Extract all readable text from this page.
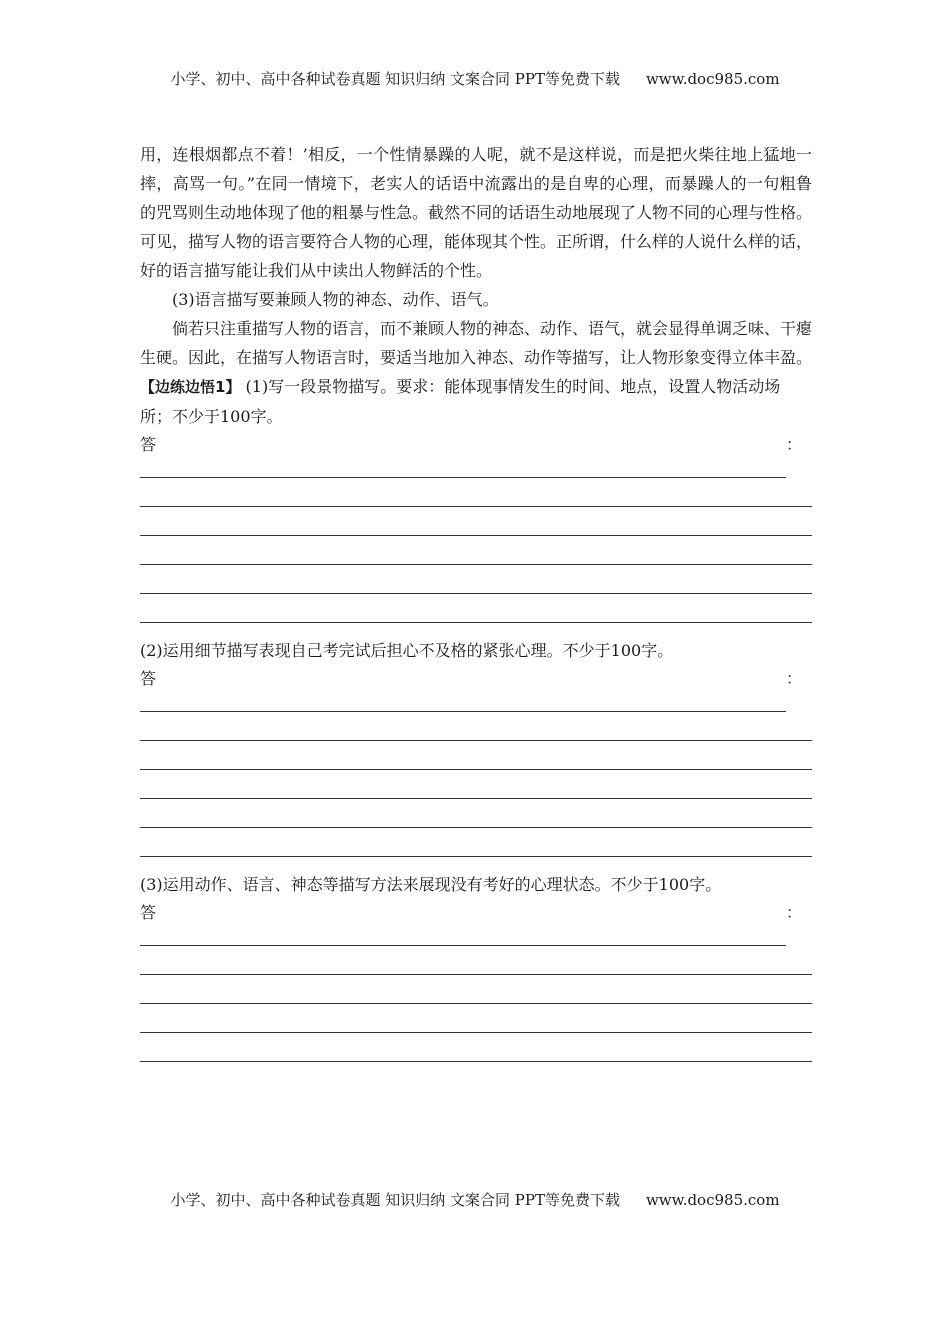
小学、初中、高中各种试卷真题 知识归纳 文案合同 PPT等免费下载 www.doc985.com

用，连根烟都点不着！’相反，一个性情暴躁的人呢，就不是这样说，而是把火柴往地上猛地一摔，高骂一句。”在同一情境下，老实人的话语中流露出的是自卑的心理，而暴躁人的一句粗鲁的咒骂则生动地体现了他的粗暴与性急。截然不同的话语生动地展现了人物不同的心理与性格。可见，描写人物的语言要符合人物的心理，能体现其个性。正所谓，什么样的人说什么样的话，好的语言描写能让我们从中读出人物鲜活的个性。

(3)语言描写要兼顾人物的神态、动作、语气。

倘若只注重描写人物的语言，而不兼顾人物的神态、动作、语气，就会显得单调乏味、干瘪生硬。因此，在描写人物语言时，要适当地加入神态、动作等描写，让人物形象变得立体丰盈。

【边练边悟1】 (1)写一段景物描写。要求：能体现事情发生的时间、地点，设置人物活动场所；不少于100字。

答	：

(2)运用细节描写表现自己考完试后担心不及格的紧张心理。不少于100字。

答	：

(3)运用动作、语言、神态等描写方法来展现没有考好的心理状态。不少于100字。

答	：
小学、初中、高中各种试卷真题 知识归纳 文案合同 PPT等免费下载 www.doc985.com
